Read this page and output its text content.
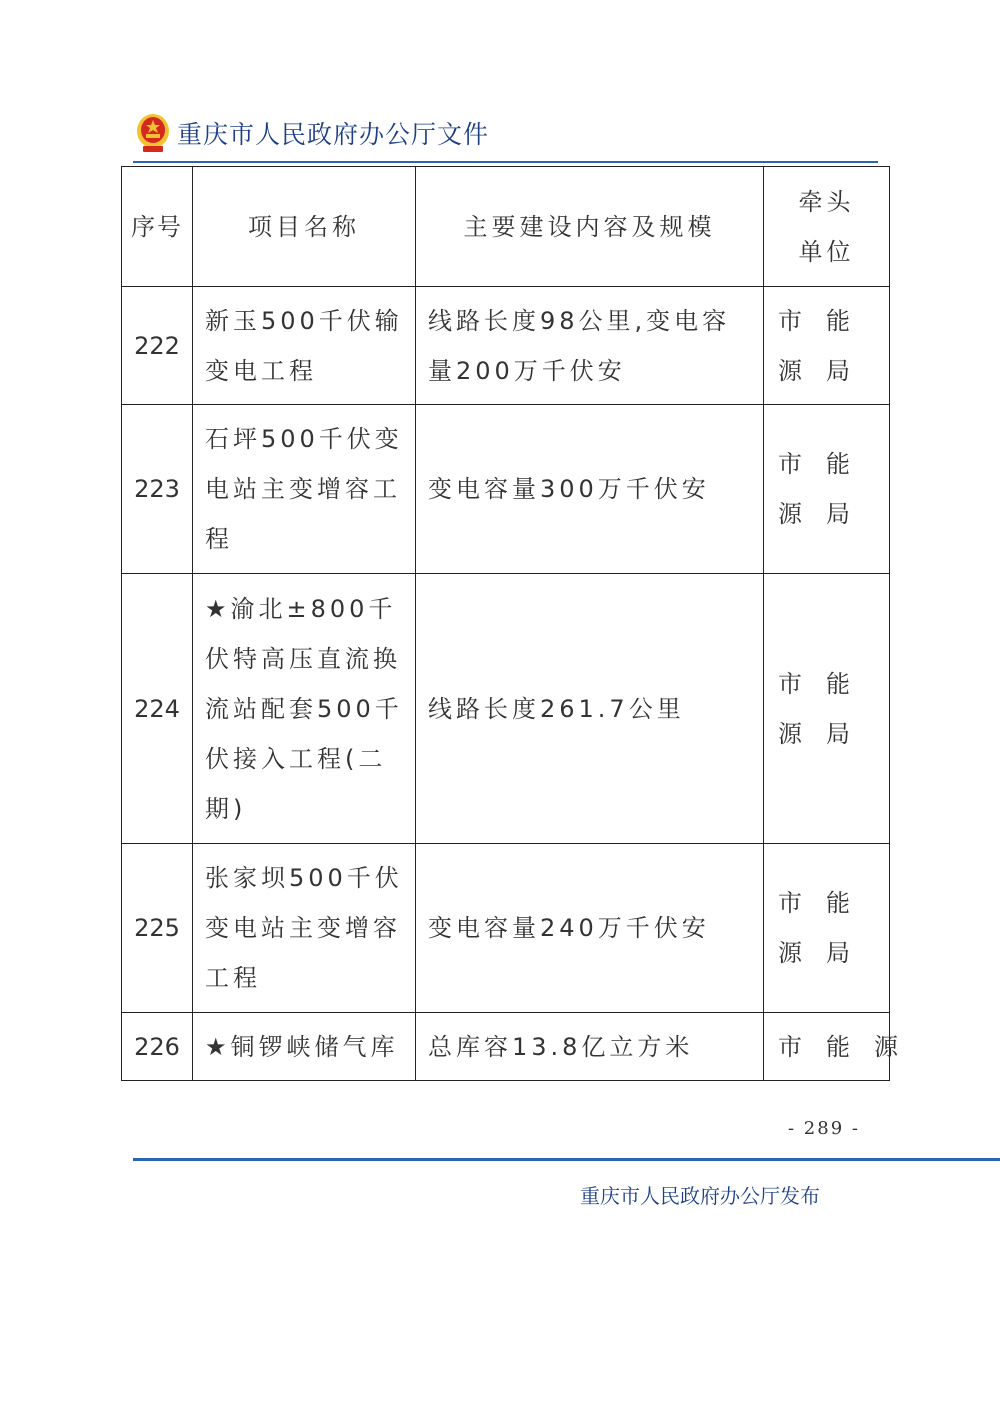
重庆市人民政府办公厅文件
序号	项目名称	主要建设内容及规模	牵头单位
222	新玉500千伏输变电工程	线路长度98公里,变电容量200万千伏安	市能源局
223	石坪500千伏变电站主变增容工程	变电容量300万千伏安	市能源局
224	★渝北±800千伏特高压直流换流站配套500千伏接入工程(二期)	线路长度261.7公里	市能源局
225	张家坝500千伏变电站主变增容工程	变电容量240万千伏安	市能源局
226	★铜锣峡储气库	总库容13.8亿立方米	市能源
- 289 -
重庆市人民政府办公厅发布
